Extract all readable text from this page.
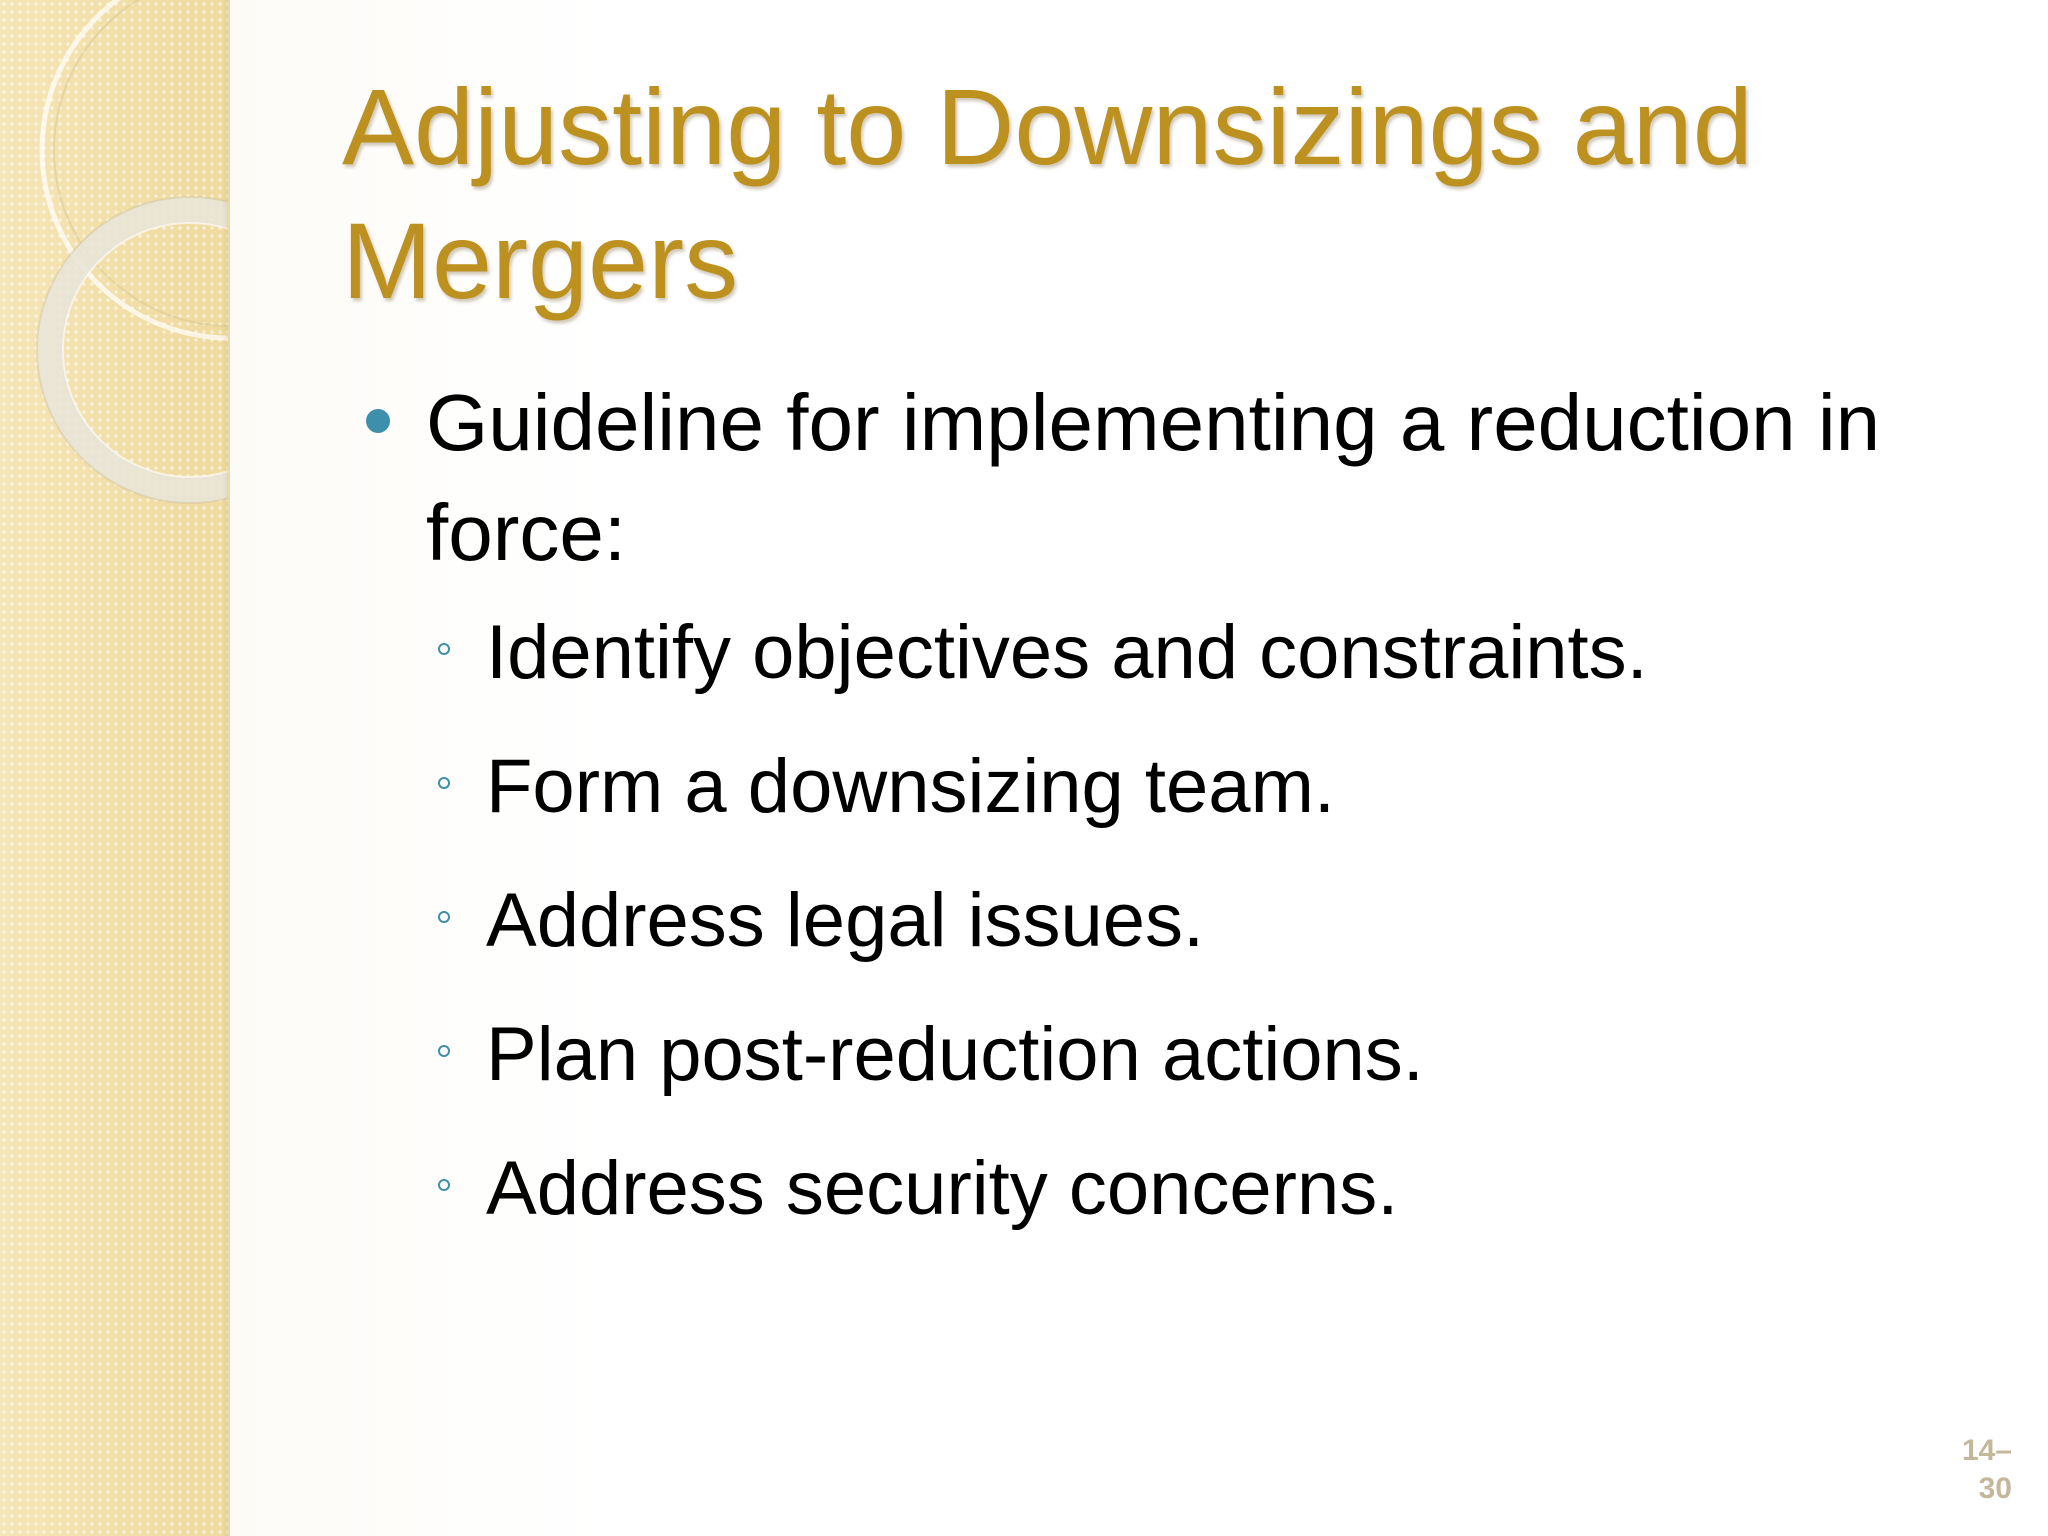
Adjusting to Downsizings and Mergers
Guideline for implementing a reduction in force:
Identify objectives and constraints.
Form a downsizing team.
Address legal issues.
Plan post-reduction actions.
Address security concerns.
14–
30
